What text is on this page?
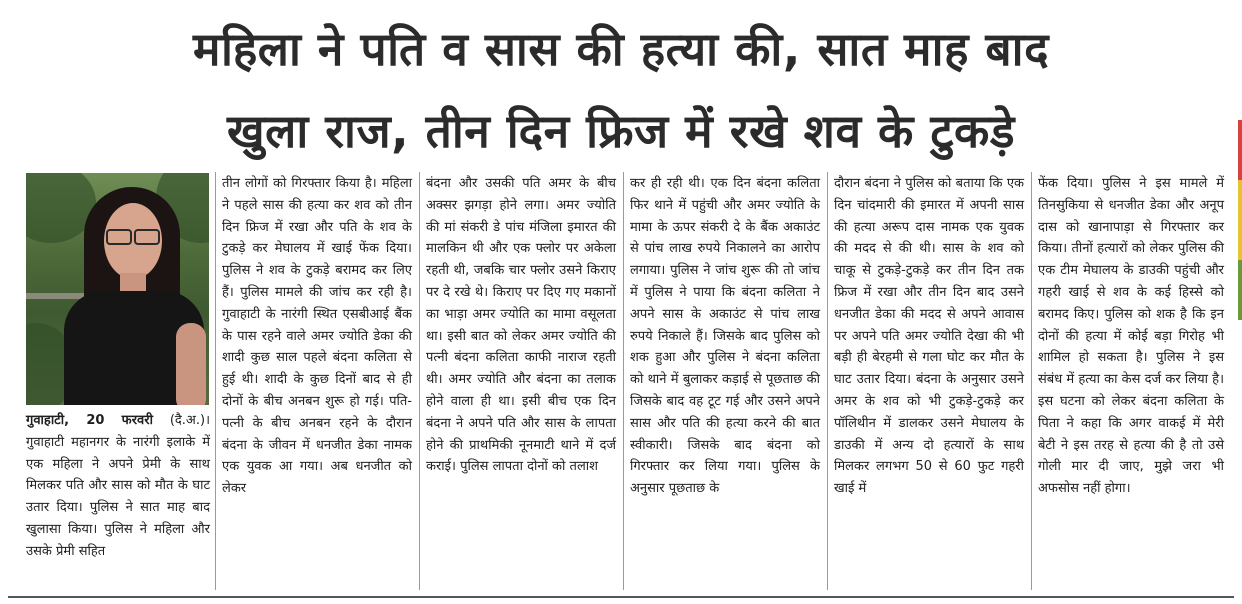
महिला ने पति व सास की हत्या की, सात माह बाद
खुला राज, तीन दिन फ्रिज में रखे शव के टुकड़े

गुवाहाटी, 20 फरवरी (दै.अ.)। गुवाहाटी महानगर के नारंगी इलाके में एक महिला ने अपने प्रेमी के साथ मिलकर पति और सास को मौत के घाट उतार दिया। पुलिस ने सात माह बाद खुलासा किया। पुलिस ने महिला और उसके प्रेमी सहित

तीन लोगों को गिरफ्तार किया है। महिला ने पहले सास की हत्या कर शव को तीन दिन फ्रिज में रखा और पति के शव के टुकड़े कर मेघालय में खाई फेंक दिया। पुलिस ने शव के टुकड़े बरामद कर लिए हैं। पुलिस मामले की जांच कर रही है। गुवाहाटी के नारंगी स्थित एसबीआई बैंक के पास रहने वाले अमर ज्योति डेका की शादी कुछ साल पहले बंदना कलिता से हुई थी। शादी के कुछ दिनों बाद से ही दोनों के बीच अनबन शुरू हो गई। पति-पत्नी के बीच अनबन रहने के दौरान बंदना के जीवन में धनजीत डेका नामक एक युवक आ गया। अब धनजीत को लेकर

बंदना और उसकी पति अमर के बीच अक्सर झगड़ा होने लगा। अमर ज्योति की मां संकरी डे पांच मंजिला इमारत की मालकिन थी और एक फ्लोर पर अकेला रहती थी, जबकि चार फ्लोर उसने किराए पर दे रखे थे। किराए पर दिए गए मकानों का भाड़ा अमर ज्योति का मामा वसूलता था। इसी बात को लेकर अमर ज्योति की पत्नी बंदना कलिता काफी नाराज रहती थी। अमर ज्योति और बंदना का तलाक होने वाला ही था। इसी बीच एक दिन बंदना ने अपने पति और सास के लापता होने की प्राथमिकी नूनमाटी थाने में दर्ज कराई। पुलिस लापता दोनों को तलाश

कर ही रही थी। एक दिन बंदना कलिता फिर थाने में पहुंची और अमर ज्योति के मामा के ऊपर संकरी दे के बैंक अकाउंट से पांच लाख रुपये निकालने का आरोप लगाया। पुलिस ने जांच शुरू की तो जांच में पुलिस ने पाया कि बंदना कलिता ने अपने सास के अकाउंट से पांच लाख रुपये निकाले हैं। जिसके बाद पुलिस को शक हुआ और पुलिस ने बंदना कलिता को थाने में बुलाकर कड़ाई से पूछताछ की जिसके बाद वह टूट गई और उसने अपने सास और पति की हत्या करने की बात स्वीकारी। जिसके बाद बंदना को गिरफ्तार कर लिया गया। पुलिस के अनुसार पूछताछ के

दौरान बंदना ने पुलिस को बताया कि एक दिन चांदमारी की इमारत में अपनी सास की हत्या अरूप दास नामक एक युवक की मदद से की थी। सास के शव को चाकू से टुकड़े-टुकड़े कर तीन दिन तक फ्रिज में रखा और तीन दिन बाद उसने धनजीत डेका की मदद से अपने आवास पर अपने पति अमर ज्योति देखा की भी बड़ी ही बेरहमी से गला घोट कर मौत के घाट उतार दिया। बंदना के अनुसार उसने अमर के शव को भी टुकड़े-टुकड़े कर पॉलिथीन में डालकर उसने मेघालय के डाउकी में अन्य दो हत्यारों के साथ मिलकर लगभग 50 से 60 फुट गहरी खाई में

फेंक दिया। पुलिस ने इस मामले में तिनसुकिया से धनजीत डेका और अनूप दास को खानापाड़ा से गिरफ्तार कर किया। तीनों हत्यारों को लेकर पुलिस की एक टीम मेघालय के डाउकी पहुंची और गहरी खाई से शव के कई हिस्से को बरामद किए। पुलिस को शक है कि इन दोनों की हत्या में कोई बड़ा गिरोह भी शामिल हो सकता है। पुलिस ने इस संबंध में हत्या का केस दर्ज कर लिया है। इस घटना को लेकर बंदना कलिता के पिता ने कहा कि अगर वाकई में मेरी बेटी ने इस तरह से हत्या की है तो उसे गोली मार दी जाए, मुझे जरा भी अफसोस नहीं होगा।
